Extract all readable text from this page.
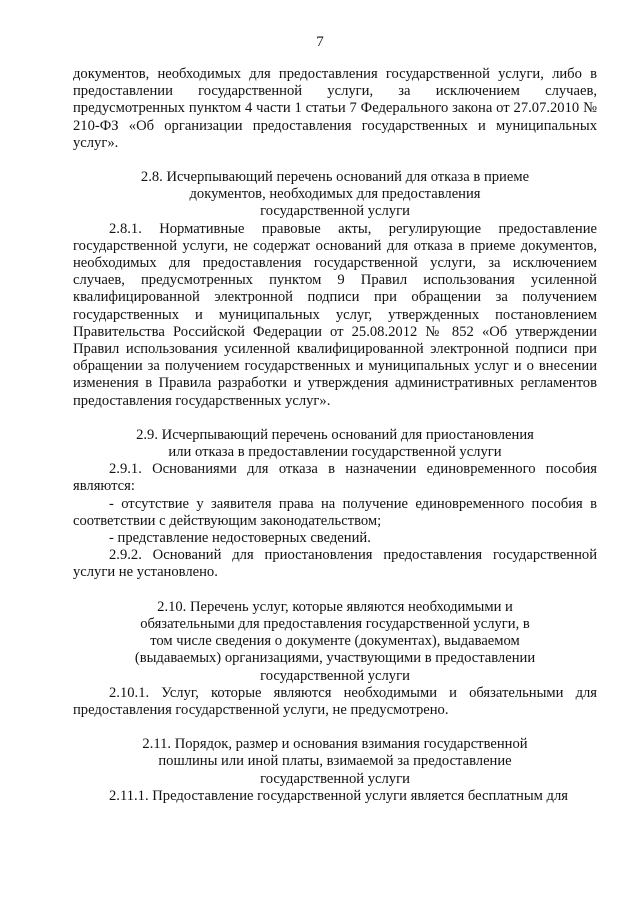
7

документов, необходимых для предоставления государственной услуги, либо в предоставлении государственной услуги, за исключением случаев, предусмотренных пунктом 4 части 1 статьи 7 Федерального закона от 27.07.2010 № 210-ФЗ «Об организации предоставления государственных и муниципальных услуг».

2.8. Исчерпывающий перечень оснований для отказа в приеме

документов, необходимых для предоставления

государственной услуги

2.8.1. Нормативные правовые акты, регулирующие предоставление государственной услуги, не содержат оснований для отказа в приеме документов, необходимых для предоставления государственной услуги, за исключением случаев, предусмотренных пунктом 9 Правил использования усиленной квалифицированной электронной подписи при обращении за получением государственных и муниципальных услуг, утвержденных постановлением Правительства Российской Федерации от 25.08.2012 № 852 «Об утверждении Правил использования усиленной квалифицированной электронной подписи при обращении за получением государственных и муниципальных услуг и о внесении изменения в Правила разработки и утверждения административных регламентов предоставления государственных услуг».

2.9. Исчерпывающий перечень оснований для приостановления

или отказа в предоставлении государственной услуги

2.9.1. Основаниями для отказа в назначении единовременного пособия являются:

- отсутствие у заявителя права на получение единовременного пособия в соответствии с действующим законодательством;

- представление недостоверных сведений.

2.9.2. Оснований для приостановления предоставления государственной услуги не установлено.

2.10. Перечень услуг, которые являются необходимыми и

обязательными для предоставления государственной услуги, в

том числе сведения о документе (документах), выдаваемом

(выдаваемых) организациями, участвующими в предоставлении

государственной услуги

2.10.1. Услуг, которые являются необходимыми и обязательными для предоставления государственной услуги, не предусмотрено.

2.11. Порядок, размер и основания взимания государственной

пошлины или иной платы, взимаемой за предоставление

государственной услуги

2.11.1. Предоставление государственной услуги является бесплатным для
